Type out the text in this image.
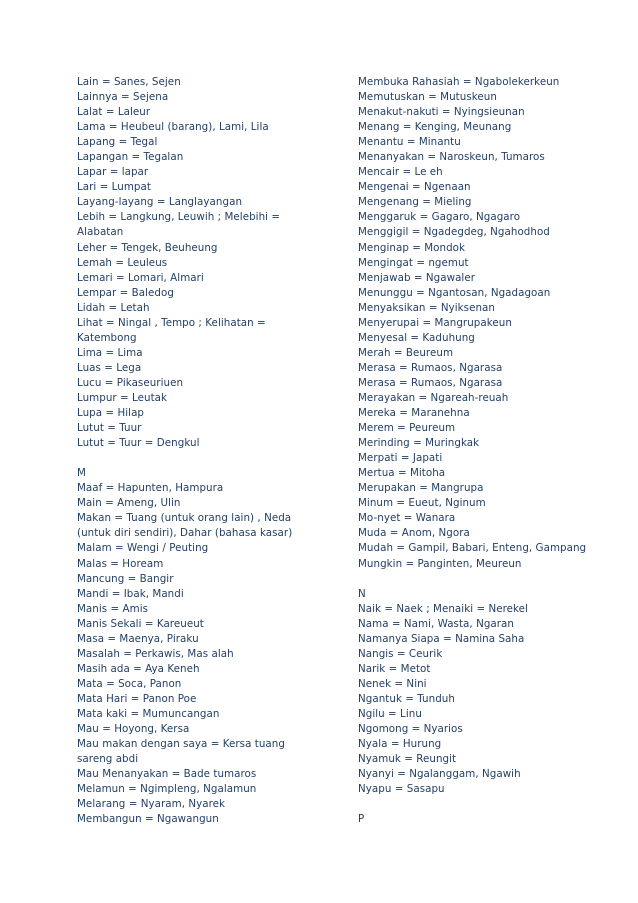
Lain = Sanes, Sejen
Lainnya = Sejena
Lalat = Laleur
Lama = Heubeul (barang), Lami, Lila
Lapang = Tegal
Lapangan = Tegalan
Lapar = lapar
Lari = Lumpat
Layang-layang = Langlayangan
Lebih = Langkung, Leuwih ; Melebihi =
Alabatan
Leher = Tengek, Beuheung
Lemah = Leuleus
Lemari = Lomari, Almari
Lempar = Baledog
Lidah = Letah
Lihat = Ningal , Tempo ; Kelihatan =
Katembong
Lima = Lima
Luas = Lega
Lucu = Pikaseuriuen
Lumpur = Leutak
Lupa = Hilap
Lutut = Tuur
Lutut = Tuur = Dengkul
M
Maaf = Hapunten, Hampura
Main = Ameng, Ulin
Makan = Tuang (untuk orang lain) , Neda
(untuk diri sendiri), Dahar (bahasa kasar)
Malam = Wengi / Peuting
Malas = Hoream
Mancung = Bangir
Mandi = Ibak, Mandi
Manis = Amis
Manis Sekali = Kareueut
Masa = Maenya, Piraku
Masalah = Perkawis, Mas alah
Masih ada = Aya Keneh
Mata = Soca, Panon
Mata Hari = Panon Poe
Mata kaki = Mumuncangan
Mau = Hoyong, Kersa
Mau makan dengan saya = Kersa tuang
sareng abdi
Mau Menanyakan = Bade tumaros
Melamun = Ngimpleng, Ngalamun
Melarang = Nyaram, Nyarek
Membangun = Ngawangun
Membuka Rahasiah = Ngabolekerkeun
Memutuskan = Mutuskeun
Menakut-nakuti = Nyingsieunan
Menang = Kenging, Meunang
Menantu = Minantu
Menanyakan = Naroskeun, Tumaros
Mencair = Le eh
Mengenai = Ngenaan
Mengenang = Mieling
Menggaruk = Gagaro, Ngagaro
Menggigil = Ngadegdeg, Ngahodhod
Menginap = Mondok
Mengingat = ngemut
Menjawab = Ngawaler
Menunggu = Ngantosan, Ngadagoan
Menyaksikan = Nyiksenan
Menyerupai = Mangrupakeun
Menyesal = Kaduhung
Merah = Beureum
Merasa = Rumaos, Ngarasa
Merasa = Rumaos, Ngarasa
Merayakan = Ngareah-reuah
Mereka = Maranehna
Merem = Peureum
Merinding = Muringkak
Merpati = Japati
Mertua = Mitoha
Merupakan = Mangrupa
Minum = Eueut, Nginum
Mo-nyet = Wanara
Muda = Anom, Ngora
Mudah = Gampil, Babari, Enteng, Gampang
Mungkin = Panginten, Meureun
N
Naik = Naek ; Menaiki = Nerekel
Nama = Nami, Wasta, Ngaran
Namanya Siapa = Namina Saha
Nangis = Ceurik
Narik = Metot
Nenek = Nini
Ngantuk = Tunduh
Ngilu = Linu
Ngomong = Nyarios
Nyala = Hurung
Nyamuk = Reungit
Nyanyi = Ngalanggam, Ngawih
Nyapu = Sasapu
P
